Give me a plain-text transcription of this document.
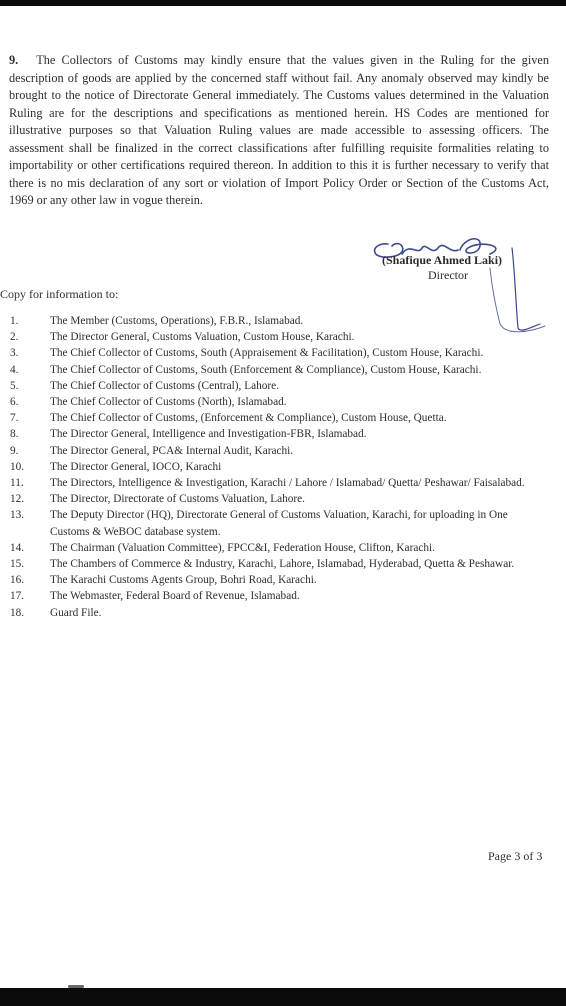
9. The Collectors of Customs may kindly ensure that the values given in the Ruling for the given description of goods are applied by the concerned staff without fail. Any anomaly observed may kindly be brought to the notice of Directorate General immediately. The Customs values determined in the Valuation Ruling are for the descriptions and specifications as mentioned herein. HS Codes are mentioned for illustrative purposes so that Valuation Ruling values are made accessible to assessing officers. The assessment shall be finalized in the correct classifications after fulfilling requisite formalities relating to importability or other certifications required thereon. In addition to this it is further necessary to verify that there is no mis declaration of any sort or violation of Import Policy Order or Section of the Customs Act, 1969 or any other law in vogue therein.

(Shafique Ahmed Laki)
Director
Copy for information to:
1.	The Member (Customs, Operations), F.B.R., Islamabad.
2.	The Director General, Customs Valuation, Custom House, Karachi.
3.	The Chief Collector of Customs, South (Appraisement & Facilitation), Custom House, Karachi.
4.	The Chief Collector of Customs, South (Enforcement & Compliance), Custom House, Karachi.
5.	The Chief Collector of Customs (Central), Lahore.
6.	The Chief Collector of Customs (North), Islamabad.
7.	The Chief Collector of Customs, (Enforcement & Compliance), Custom House, Quetta.
8.	The Director General, Intelligence and Investigation-FBR, Islamabad.
9.	The Director General, PCA& Internal Audit, Karachi.
10.	The Director General, IOCO, Karachi
11.	The Directors, Intelligence & Investigation, Karachi / Lahore / Islamabad/ Quetta/ Peshawar/ Faisalabad.
12.	The Director, Directorate of Customs Valuation, Lahore.
13.	The Deputy Director (HQ), Directorate General of Customs Valuation, Karachi, for uploading in One Customs & WeBOC database system.
14.	The Chairman (Valuation Committee), FPCC&I, Federation House, Clifton, Karachi.
15.	The Chambers of Commerce & Industry, Karachi, Lahore, Islamabad, Hyderabad, Quetta & Peshawar.
16.	The Karachi Customs Agents Group, Bohri Road, Karachi.
17.	The Webmaster, Federal Board of Revenue, Islamabad.
18.	Guard File.
Page 3 of 3
